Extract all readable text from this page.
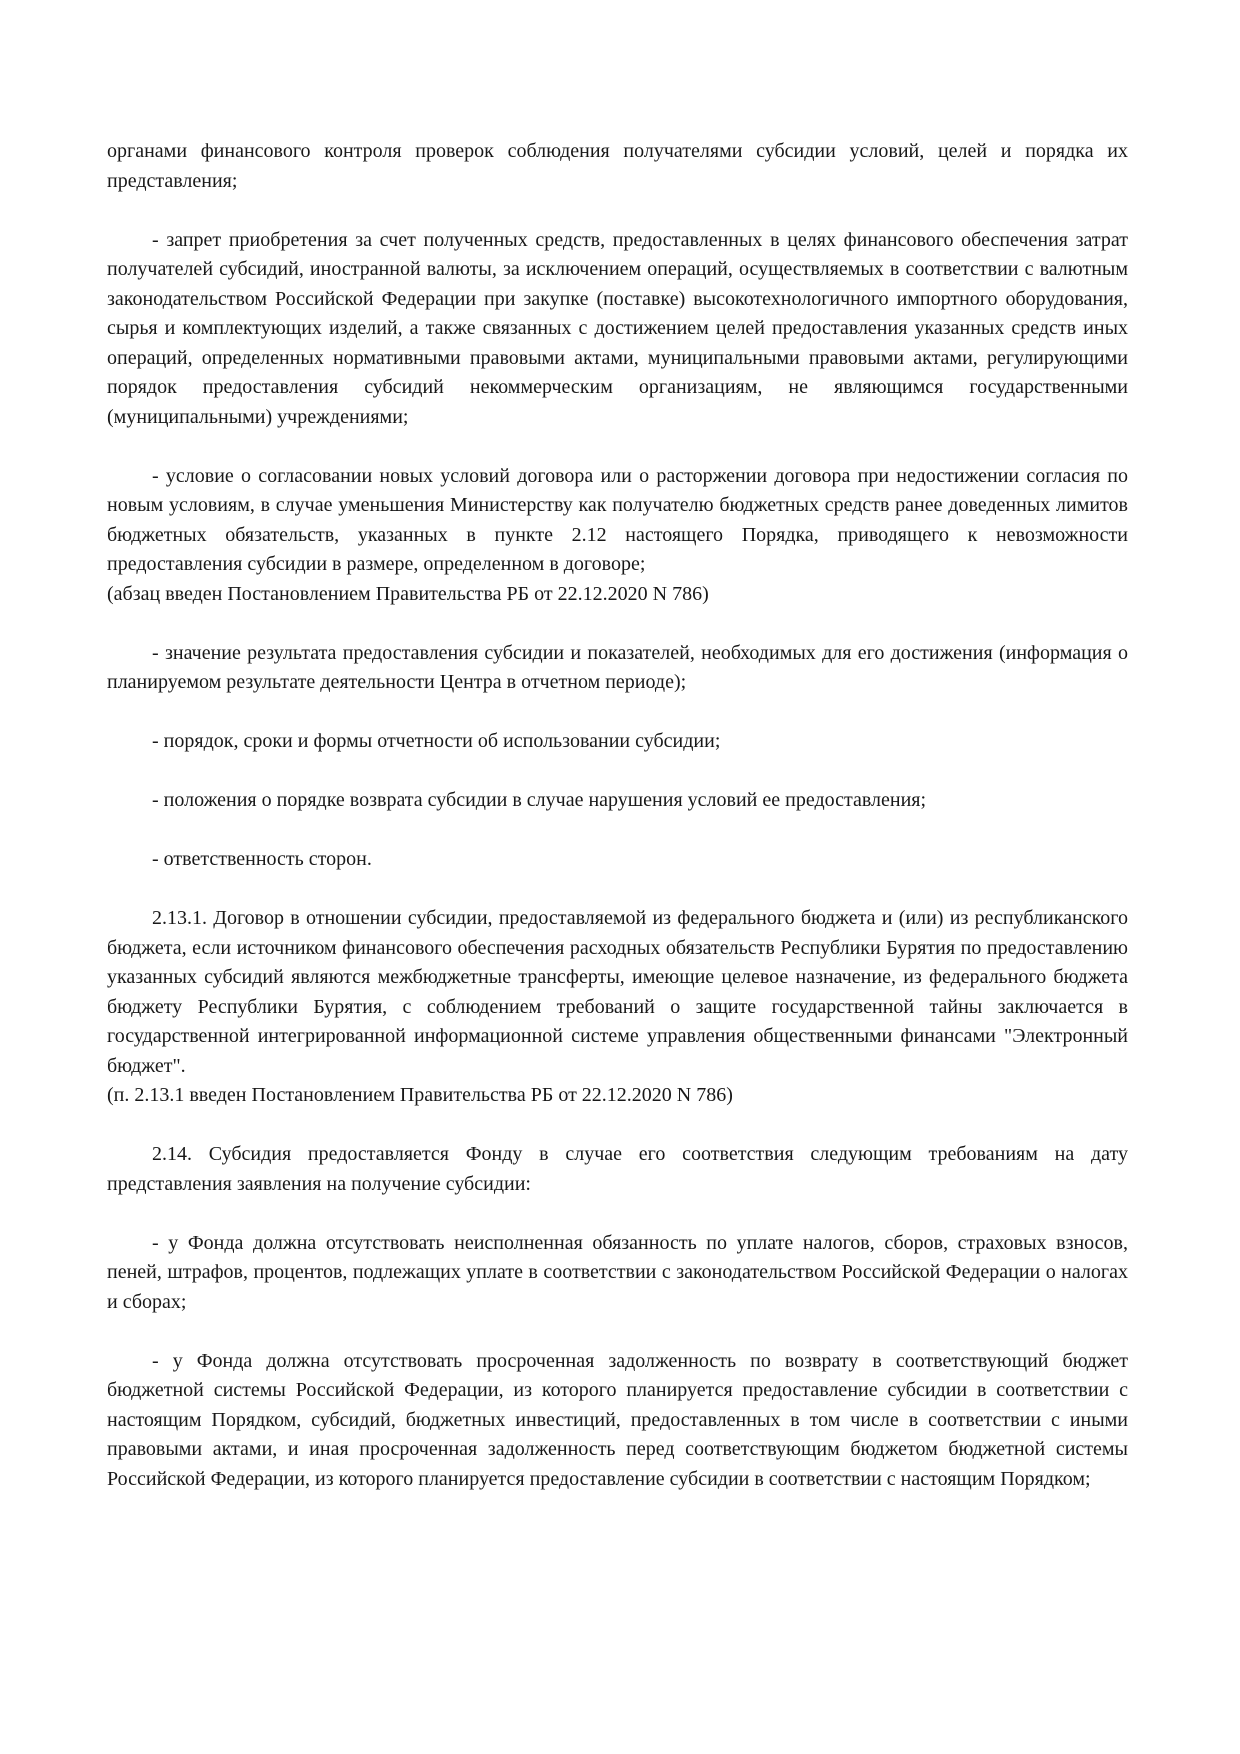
органами финансового контроля проверок соблюдения получателями субсидии условий, целей и порядка их представления;

- запрет приобретения за счет полученных средств, предоставленных в целях финансового обеспечения затрат получателей субсидий, иностранной валюты, за исключением операций, осуществляемых в соответствии с валютным законодательством Российской Федерации при закупке (поставке) высокотехнологичного импортного оборудования, сырья и комплектующих изделий, а также связанных с достижением целей предоставления указанных средств иных операций, определенных нормативными правовыми актами, муниципальными правовыми актами, регулирующими порядок предоставления субсидий некоммерческим организациям, не являющимся государственными (муниципальными) учреждениями;

- условие о согласовании новых условий договора или о расторжении договора при недостижении согласия по новым условиям, в случае уменьшения Министерству как получателю бюджетных средств ранее доведенных лимитов бюджетных обязательств, указанных в пункте 2.12 настоящего Порядка, приводящего к невозможности предоставления субсидии в размере, определенном в договоре;

(абзац введен Постановлением Правительства РБ от 22.12.2020 N 786)

- значение результата предоставления субсидии и показателей, необходимых для его достижения (информация о планируемом результате деятельности Центра в отчетном периоде);

- порядок, сроки и формы отчетности об использовании субсидии;

- положения о порядке возврата субсидии в случае нарушения условий ее предоставления;

- ответственность сторон.

2.13.1. Договор в отношении субсидии, предоставляемой из федерального бюджета и (или) из республиканского бюджета, если источником финансового обеспечения расходных обязательств Республики Бурятия по предоставлению указанных субсидий являются межбюджетные трансферты, имеющие целевое назначение, из федерального бюджета бюджету Республики Бурятия, с соблюдением требований о защите государственной тайны заключается в государственной интегрированной информационной системе управления общественными финансами "Электронный бюджет".

(п. 2.13.1 введен Постановлением Правительства РБ от 22.12.2020 N 786)

2.14. Субсидия предоставляется Фонду в случае его соответствия следующим требованиям на дату представления заявления на получение субсидии:

- у Фонда должна отсутствовать неисполненная обязанность по уплате налогов, сборов, страховых взносов, пеней, штрафов, процентов, подлежащих уплате в соответствии с законодательством Российской Федерации о налогах и сборах;

- у Фонда должна отсутствовать просроченная задолженность по возврату в соответствующий бюджет бюджетной системы Российской Федерации, из которого планируется предоставление субсидии в соответствии с настоящим Порядком, субсидий, бюджетных инвестиций, предоставленных в том числе в соответствии с иными правовыми актами, и иная просроченная задолженность перед соответствующим бюджетом бюджетной системы Российской Федерации, из которого планируется предоставление субсидии в соответствии с настоящим Порядком;
